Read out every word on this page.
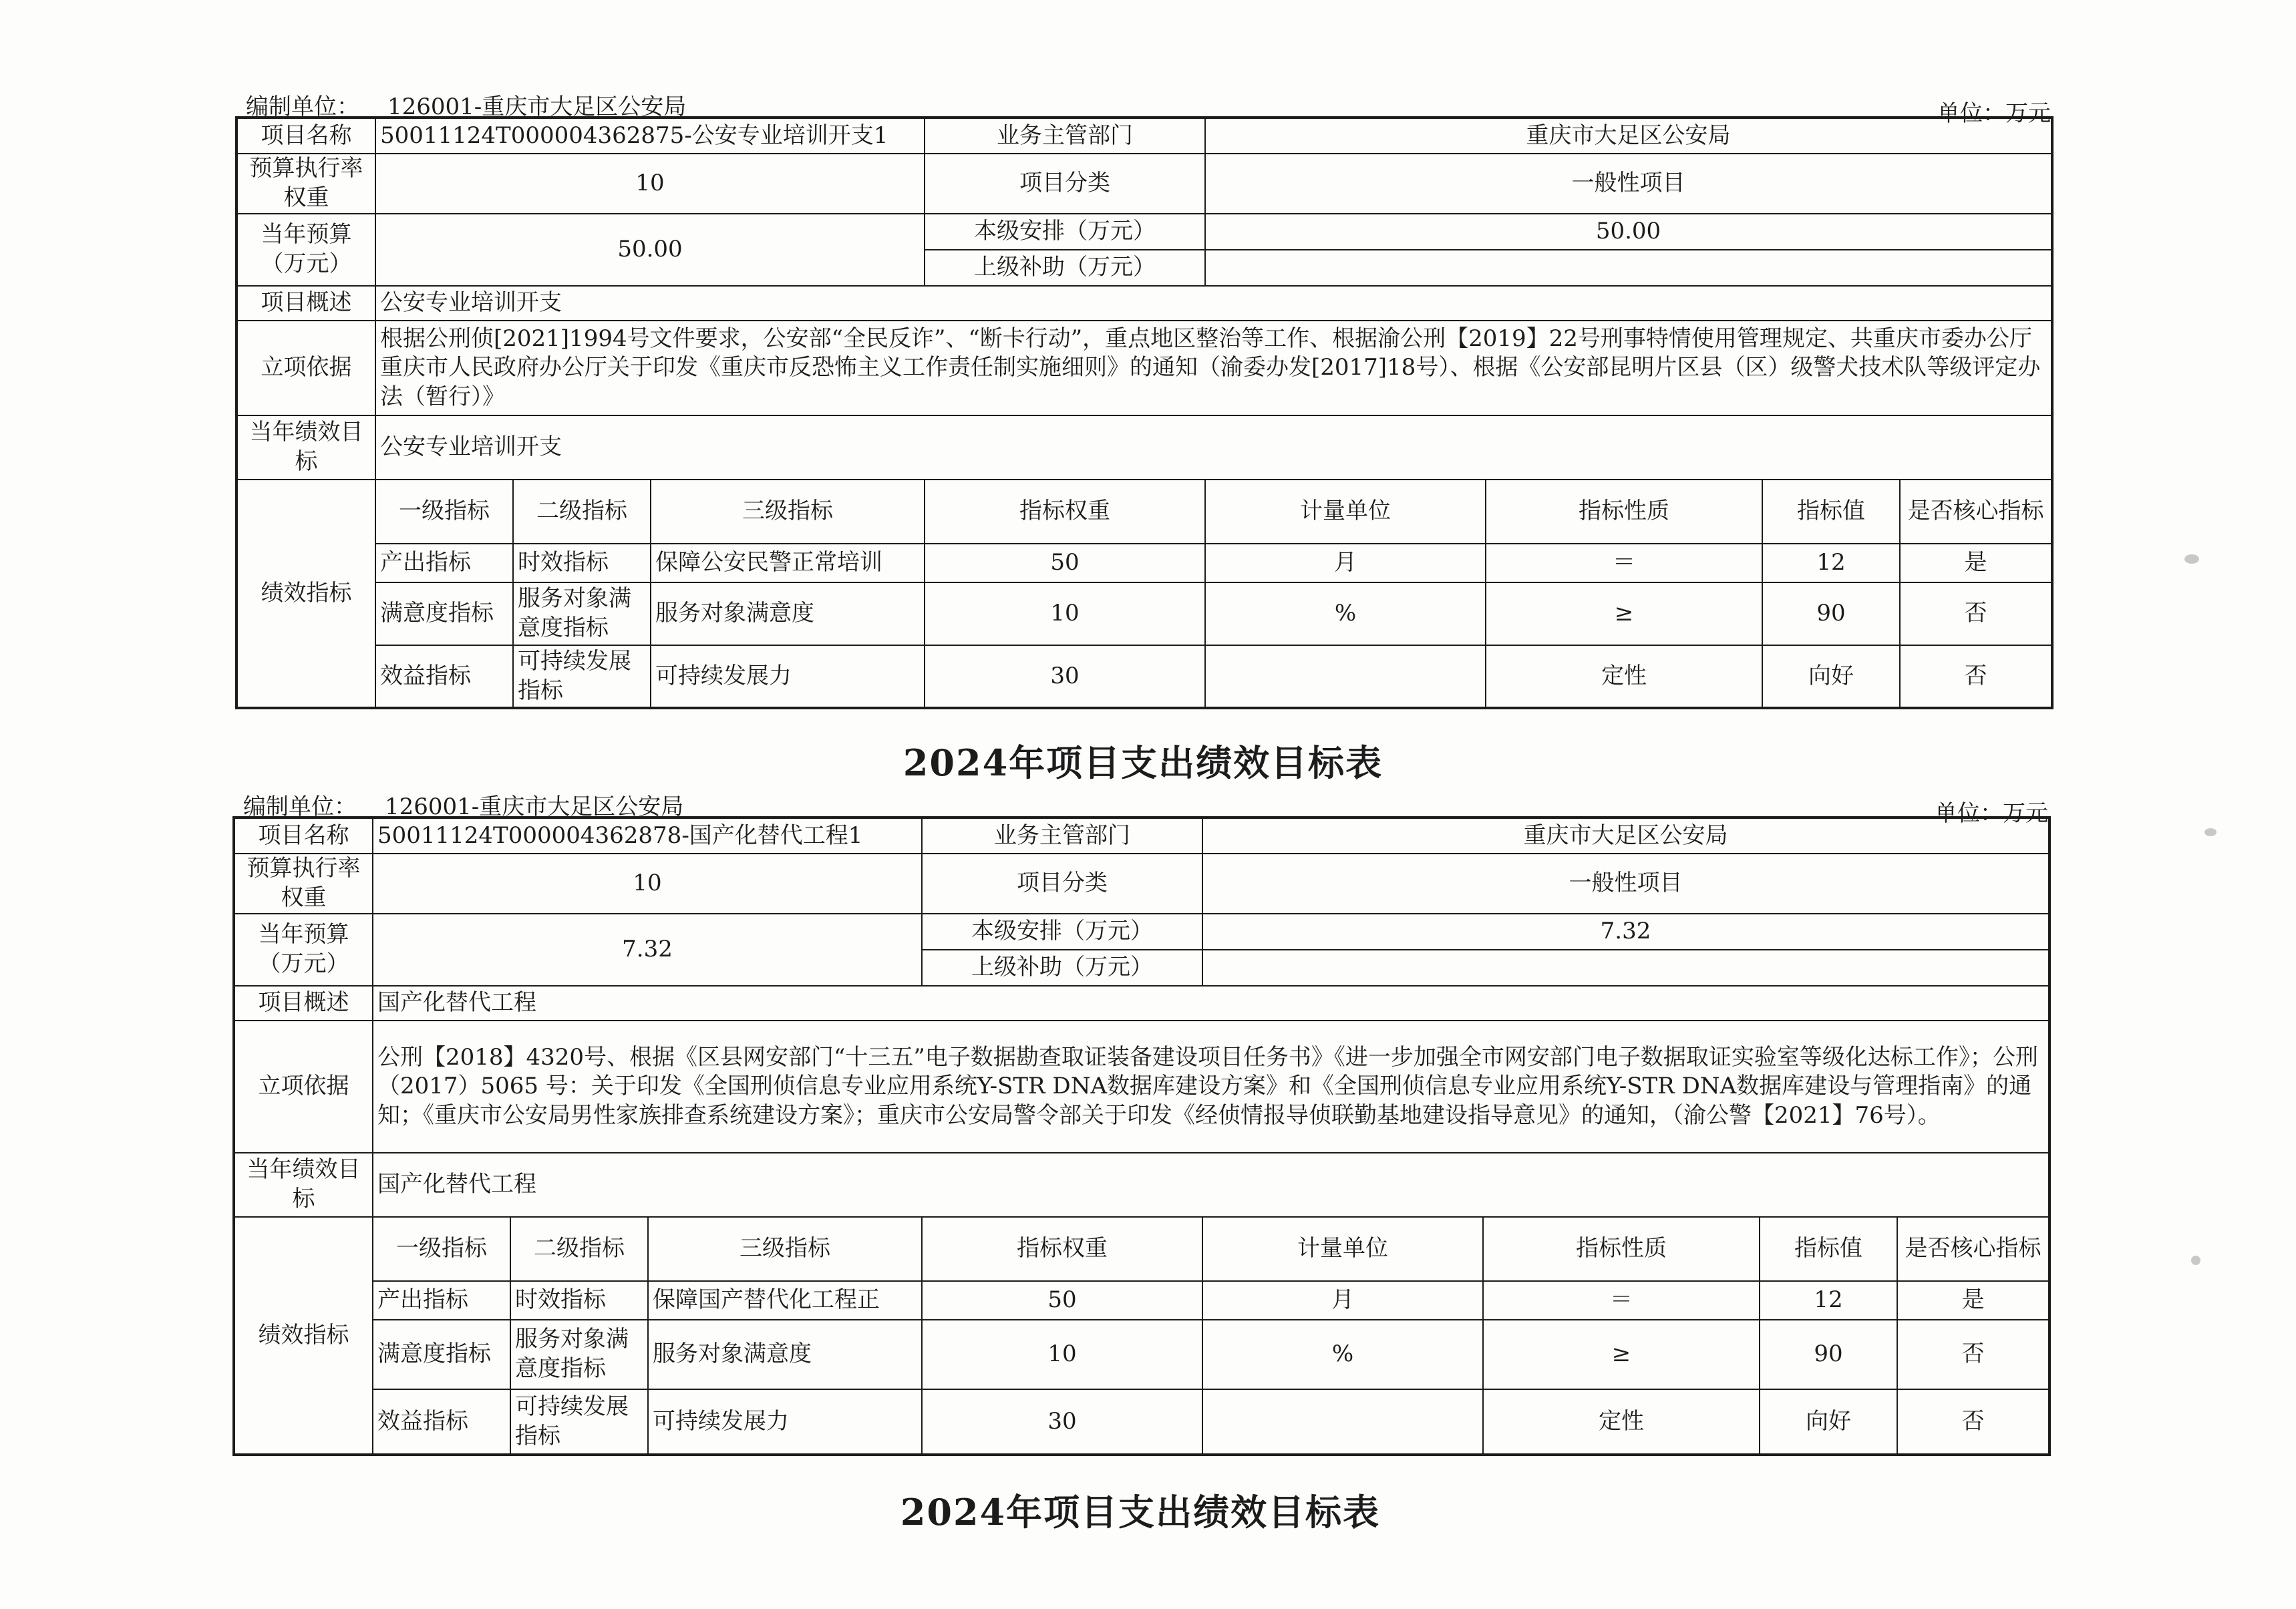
编制单位： 126001-重庆市大足区公安局	单位：万元
项目名称	50011124T000004362875-公安专业培训开支1			业务主管部门	重庆市大足区公安局			
预算执行率权重	10			项目分类	一般性项目			
当年预算（万元）	50.00			本级安排（万元）	50.00			
				上级补助（万元）				
项目概述	公安专业培训开支							
立项依据	根据公刑侦[2021]1994号文件要求，公安部“全民反诈”、“断卡行动”，重点地区整治等工作、根据渝公刑【2019】22号刑事特情使用管理规定、共重庆市委办公厅重庆市人民政府办公厅关于印发《重庆市反恐怖主义工作责任制实施细则》的通知（渝委办发[2017]18号）、根据《公安部昆明片区县（区）级警犬技术队等级评定办法（暂行）》							
当年绩效目标	公安专业培训开支							
绩效指标	一级指标	二级指标	三级指标	指标权重	计量单位	指标性质	指标值	是否核心指标
	产出指标	时效指标	保障公安民警正常培训	50	月	＝	12	是
	满意度指标	服务对象满意度指标	服务对象满意度	10	%	≥	90	否
	效益指标	可持续发展指标	可持续发展力	30		定性	向好	否
2024年项目支出绩效目标表
编制单位： 126001-重庆市大足区公安局	单位：万元
项目名称	50011124T000004362878-国产化替代工程1			业务主管部门	重庆市大足区公安局			
预算执行率权重	10			项目分类	一般性项目			
当年预算（万元）	7.32			本级安排（万元）	7.32			
				上级补助（万元）				
项目概述	国产化替代工程							
立项依据	公刑【2018】4320号、根据《区县网安部门“十三五”电子数据勘查取证装备建设项目任务书》《进一步加强全市网安部门电子数据取证实验室等级化达标工作》；公刑（2017）5065 号：关于印发《全国刑侦信息专业应用系统Y-STR DNA数据库建设方案》和《全国刑侦信息专业应用系统Y-STR DNA数据库建设与管理指南》的通知；《重庆市公安局男性家族排查系统建设方案》；重庆市公安局警令部关于印发《经侦情报导侦联勤基地建设指导意见》的通知，（渝公警【2021】76号）。							
当年绩效目标	国产化替代工程							
绩效指标	一级指标	二级指标	三级指标	指标权重	计量单位	指标性质	指标值	是否核心指标
	产出指标	时效指标	保障国产替代化工程正	50	月	＝	12	是
	满意度指标	服务对象满意度指标	服务对象满意度	10	%	≥	90	否
	效益指标	可持续发展指标	可持续发展力	30		定性	向好	否
2024年项目支出绩效目标表
